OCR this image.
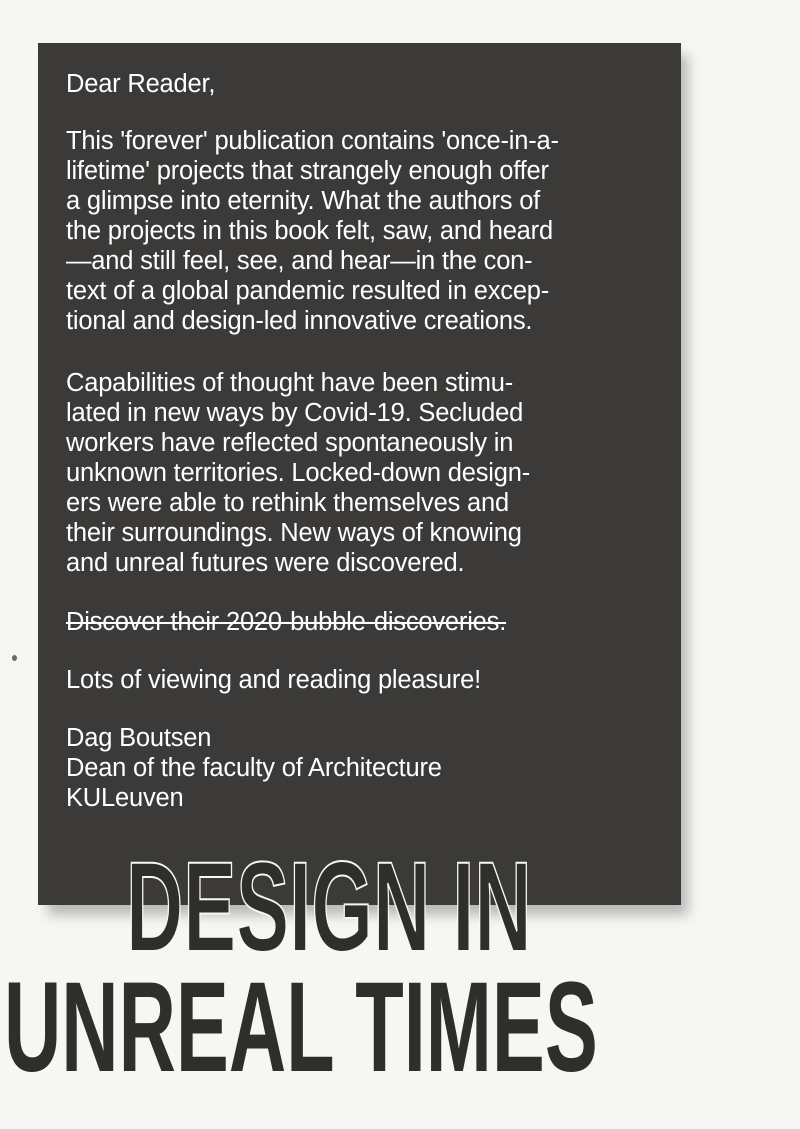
Dear Reader,

This 'forever' publication contains 'once-in-a-
lifetime' projects that strangely enough offer
a glimpse into eternity. What the authors of
the projects in this book felt, saw, and heard
—and still feel, see, and hear—in the con-
text of a global pandemic resulted in excep-
tional and design-led innovative creations.

Capabilities of thought have been stimu-
lated in new ways by Covid-19. Secluded
workers have reflected spontaneously in
unknown territories. Locked-down design-
ers were able to rethink themselves and
their surroundings. New ways of knowing
and unreal futures were discovered.

Discover their 2020-bubble-discoveries.

Lots of viewing and reading pleasure!

Dag Boutsen
Dean of the faculty of Architecture
KULeuven

DESIGN IN
UNREAL TIMES
